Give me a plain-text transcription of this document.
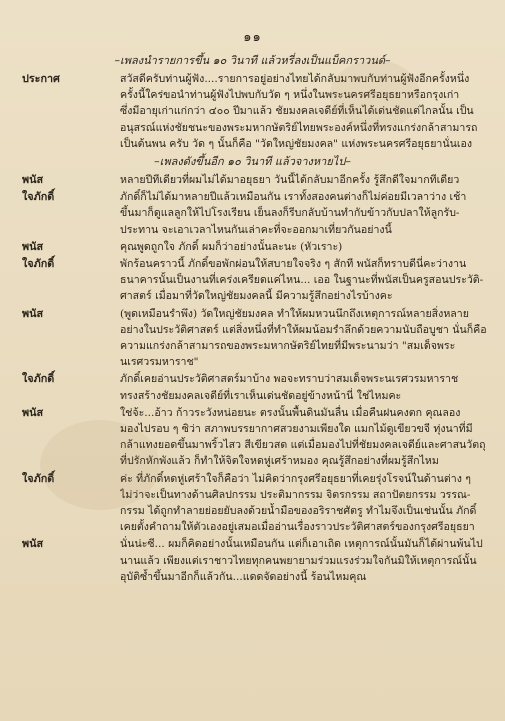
๑๑
–เพลงนำรายการขึ้น ๑๐ วินาที แล้วหรี่ลงเป็นแบ็คกราวนด์–
ประกาศ	สวัสดีครับท่านผู้ฟัง....รายการอยู่อย่างไทยได้กลับมาพบกับท่านผู้ฟังอีกครั้งหนึ่ง
ครั้งนี้ใคร่ขอนำท่านผู้ฟังไปพบกับวัด ๆ หนึ่งในพระนครศรีอยุธยาหรือกรุงเก่า
ซึ่งมีอายุเก่าแก่กว่า ๔๐๐ ปีมาแล้ว ชัยมงคลเจดีย์ที่เห็นได้เด่นชัดแต่ไกลนั้น เป็น
อนุสรณ์แห่งชัยชนะของพระมหากษัตริย์ไทยพระองค์หนึ่งที่ทรงแกร่งกล้าสามารถ
เป็นต้นพน ครับ วัด ๆ นั้นก็คือ "วัดใหญ่ชัยมงคล" แห่งพระนครศรีอยุธยานั่นเอง
–เพลงดังขึ้นอีก ๑๐ วินาที แล้วจางหายไป–
พนัส	หลายปีทีเดียวที่ผมไม่ได้มาอยุธยา วันนี้ได้กลับมาอีกครั้ง รู้สึกดีใจมากทีเดียว
ใจภักดิ์	ภักดิ์ก็ไม่ได้มาหลายปีแล้วเหมือนกัน เราทั้งสองคนต่างก็ไม่ค่อยมีเวลาว่าง เช้า
ขึ้นมาก็ดูแลลูกให้ไปโรงเรียน เย็นลงก็รีบกลับบ้านทำกับข้าวกับปลาให้ลูกรับ-
ประทาน จะเอาเวลาไหนกันเล่าคะที่จะออกมาเที่ยวกันอย่างนี้
พนัส	คุณพูดถูกใจ ภักดิ์ ผมก็ว่าอย่างนั้นละนะ (หัวเราะ)
ใจภักดิ์	พักร้อนคราวนี้ ภักดิ์ขอพักผ่อนให้สบายใจจริง ๆ สักที พนัสก็ทราบดีนี่คะว่างาน
ธนาคารนั้นเป็นงานที่เคร่งเครียดแค่ไหน... เออ ในฐานะที่พนัสเป็นครูสอนประวัติ-
ศาสตร์ เมื่อมาที่วัดใหญ่ชัยมงคลนี้ มีความรู้สึกอย่างไรบ้างคะ
พนัส	(พูดเหมือนรำพึง) วัดใหญ่ชัยมงคล ทำให้ผมหวนนึกถึงเหตุการณ์หลายสิ่งหลาย
อย่างในประวัติศาสตร์ แต่สิ่งหนึ่งที่ทำให้ผมน้อมรำลึกด้วยความนับถือบูชา นั่นก็คือ
ความแกร่งกล้าสามารถของพระมหากษัตริย์ไทยที่มีพระนามว่า "สมเด็จพระ
นเรศวรมหาราช"
ใจภักดิ์	ภักดิ์เคยอ่านประวัติศาสตร์มาบ้าง พอจะทราบว่าสมเด็จพระนเรศวรมหาราช
ทรงสร้างชัยมงคลเจดีย์ที่เราเห็นเด่นชัดอยู่ข้างหน้านี่ ใช่ไหมคะ
พนัส	ใช่จ้ะ...อ้าว ก้าวระวังหน่อยนะ ตรงนั้นพื้นดินมันลื่น เมื่อคืนฝนคงตก คุณลอง
มองไปรอบ ๆ ซิว่า สภาพบรรยากาศสวยงามเพียงใด แมกไม้ดูเขียวขจี ทุ่งนาที่มี
กล้าแทงยอดขึ้นมาพริ้วไสว สีเขียวสด แต่เมื่อมองไปที่ชัยมงคลเจดีย์และศาสนวัตถุ
ที่ปรักหักพังแล้ว ก็ทำให้จิตใจหดหู่เศร้าหมอง คุณรู้สึกอย่างที่ผมรู้สึกไหม
ใจภักดิ์	ค่ะ ที่ภักดิ์หดหู่เศร้าใจก็คือว่า ไม่คิดว่ากรุงศรีอยุธยาที่เคยรุ่งโรจน์ในด้านต่าง ๆ
ไม่ว่าจะเป็นทางด้านศิลปกรรม ประติมากรรม จิตรกรรม สถาปัตยกรรม วรรณ-
กรรม ได้ถูกทำลายย่อยยับลงด้วยน้ำมือของอริราชศัตรู ทำไมจึงเป็นเช่นนั้น ภักดิ์
เคยตั้งคำถามให้ตัวเองอยู่เสมอเมื่ออ่านเรื่องราวประวัติศาสตร์ของกรุงศรีอยุธยา
พนัส	นั่นน่ะซี... ผมก็คิดอย่างนั้นเหมือนกัน แต่ก็เอาเถิด เหตุการณ์นั้นมันก็ได้ผ่านพ้นไป
นานแล้ว เพียงแต่เราชาวไทยทุกคนพยายามร่วมแรงร่วมใจกันมิให้เหตุการณ์นั้น
อุบัติซ้ำขึ้นมาอีกก็แล้วกัน...แดดจัดอย่างนี้ ร้อนไหมคุณ
